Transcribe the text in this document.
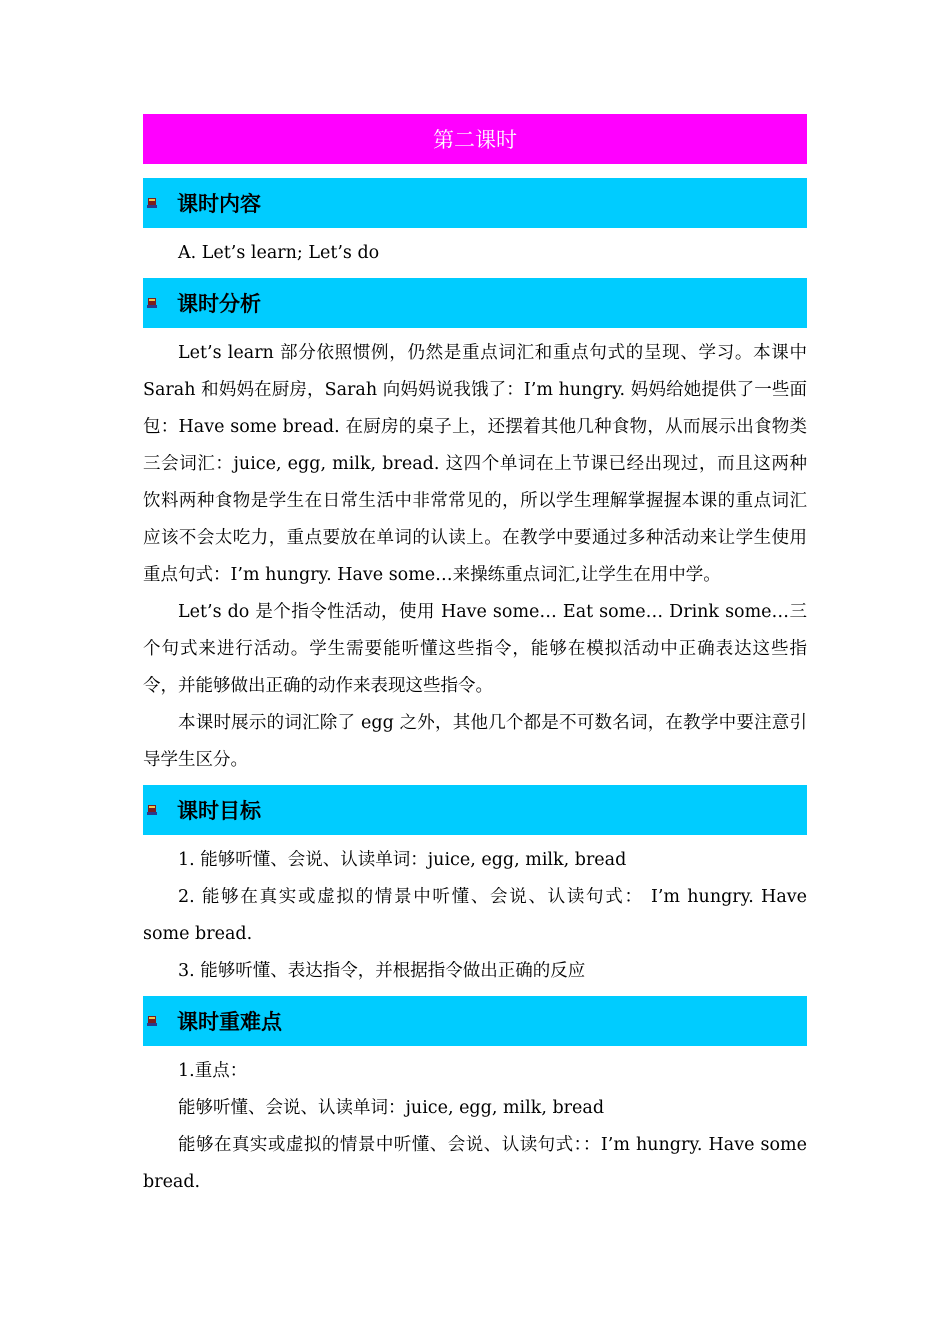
第二课时
课时内容

A. Let’s learn; Let’s do

课时分析

Let’s learn 部分依照惯例，仍然是重点词汇和重点句式的呈现、学习。本课中 Sarah 和妈妈在厨房，Sarah 向妈妈说我饿了：I’m hungry. 妈妈给她提供了一些面包：Have some bread. 在厨房的桌子上，还摆着其他几种食物，从而展示出食物类三会词汇：juice, egg, milk, bread. 这四个单词在上节课已经出现过，而且这两种饮料两种食物是学生在日常生活中非常常见的，所以学生理解掌握握本课的重点词汇应该不会太吃力，重点要放在单词的认读上。在教学中要通过多种活动来让学生使用重点句式：I’m hungry. Have some…来操练重点词汇,让学生在用中学。

Let’s do 是个指令性活动，使用 Have some… Eat some… Drink some…三个句式来进行活动。学生需要能听懂这些指令，能够在模拟活动中正确表达这些指令，并能够做出正确的动作来表现这些指令。

本课时展示的词汇除了 egg 之外，其他几个都是不可数名词，在教学中要注意引导学生区分。

课时目标

1. 能够听懂、会说、认读单词：juice, egg, milk, bread

2. 能够在真实或虚拟的情景中听懂、会说、认读句式： I’m hungry. Have some bread.

3. 能够听懂、表达指令，并根据指令做出正确的反应

课时重难点

1.重点：

能够听懂、会说、认读单词：juice, egg, milk, bread

能够在真实或虚拟的情景中听懂、会说、认读句式：：I’m hungry. Have some bread.
